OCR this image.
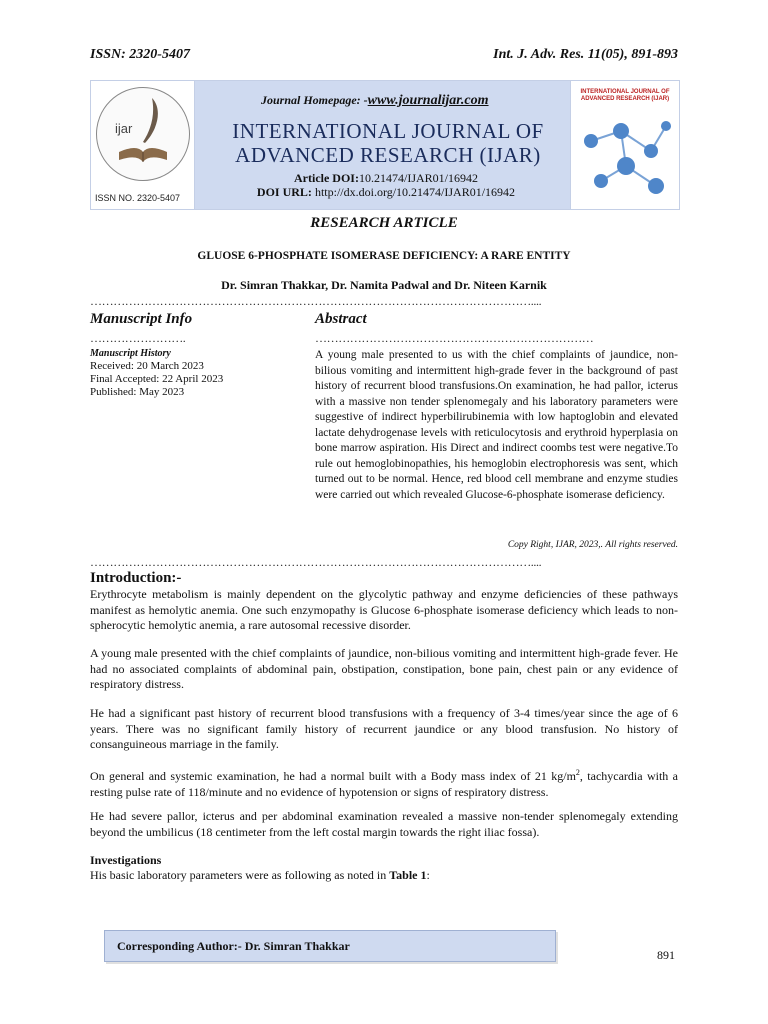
ISSN: 2320-5407	Int. J. Adv. Res. 11(05), 891-893
ijar
ISSN NO. 2320-5407
Journal Homepage: -www.journalijar.com
INTERNATIONAL JOURNAL OF
ADVANCED RESEARCH (IJAR)
Article DOI:10.21474/IJAR01/16942
DOI URL: http://dx.doi.org/10.21474/IJAR01/16942
INTERNATIONAL JOURNAL OF ADVANCED RESEARCH (IJAR)
RESEARCH ARTICLE
GLUOSE 6-PHOSPHATE ISOMERASE DEFICIENCY: A RARE ENTITY
Dr. Simran Thakkar, Dr. Namita Padwal and Dr. Niteen Karnik
……………………………………………………………………………………………………....
Manuscript Info
…………………….
Manuscript History
Received: 20 March 2023
Final Accepted: 22 April 2023
Published: May 2023
Abstract
………………………………………………………………
A young male presented to us with the chief complaints of jaundice, non-bilious vomiting and intermittent high-grade fever in the background of past history of recurrent blood transfusions.On examination, he had pallor, icterus with a massive non tender splenomegaly and his laboratory parameters were suggestive of indirect hyperbilirubinemia with low haptoglobin and elevated lactate dehydrogenase levels with reticulocytosis and erythroid hyperplasia on bone marrow aspiration. His Direct and indirect coombs test were negative.To rule out hemoglobinopathies, his hemoglobin electrophoresis was sent, which turned out to be normal. Hence, red blood cell membrane and enzyme studies were carried out which revealed Glucose-6-phosphate isomerase deficiency.
Copy Right, IJAR, 2023,. All rights reserved.
……………………………………………………………………………………………………....
Introduction:-
Erythrocyte metabolism is mainly dependent on the glycolytic pathway and enzyme deficiencies of these pathways manifest as hemolytic anemia. One such enzymopathy is Glucose 6-phosphate isomerase deficiency which leads to non-spherocytic hemolytic anemia, a rare autosomal recessive disorder.
A young male presented with the chief complaints of jaundice, non-bilious vomiting and intermittent high-grade fever. He had no associated complaints of abdominal pain, obstipation, constipation, bone pain, chest pain or any evidence of respiratory distress.
He had a significant past history of recurrent blood transfusions with a frequency of 3-4 times/year since the age of 6 years. There was no significant family history of recurrent jaundice or any blood transfusion. No history of consanguineous marriage in the family.
On general and systemic examination, he had a normal built with a Body mass index of 21 $kg/m^2$, tachycardia with a resting pulse rate of 118/minute and no evidence of hypotension or signs of respiratory distress.
He had severe pallor, icterus and per abdominal examination revealed a massive non-tender splenomegaly extending beyond the umbilicus (18 centimeter from the left costal margin towards the right iliac fossa).
Investigations
His basic laboratory parameters were as following as noted in Table 1:
Corresponding Author:- Dr. Simran Thakkar
891
